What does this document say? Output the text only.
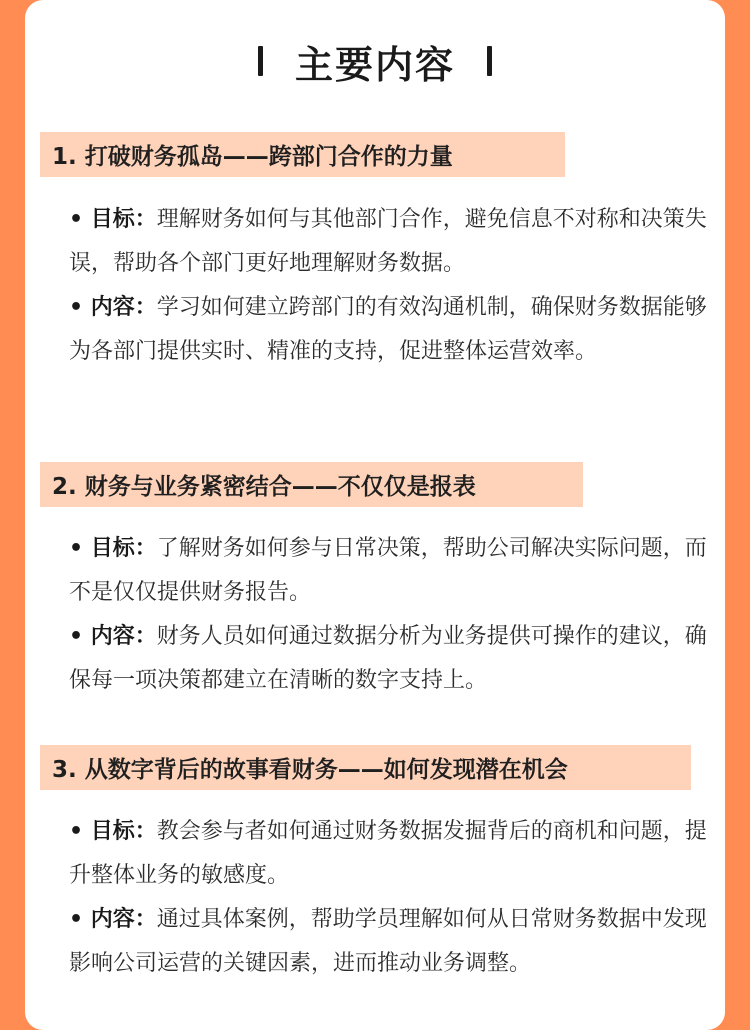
主要内容
1. 打破财务孤岛——跨部门合作的力量
• 目标：理解财务如何与其他部门合作，避免信息不对称和决策失误，帮助各个部门更好地理解财务数据。
• 内容：学习如何建立跨部门的有效沟通机制，确保财务数据能够为各部门提供实时、精准的支持，促进整体运营效率。
2. 财务与业务紧密结合——不仅仅是报表
• 目标：了解财务如何参与日常决策，帮助公司解决实际问题，而不是仅仅提供财务报告。
• 内容：财务人员如何通过数据分析为业务提供可操作的建议，确保每一项决策都建立在清晰的数字支持上。
3. 从数字背后的故事看财务——如何发现潜在机会
• 目标：教会参与者如何通过财务数据发掘背后的商机和问题，提升整体业务的敏感度。
• 内容：通过具体案例，帮助学员理解如何从日常财务数据中发现影响公司运营的关键因素，进而推动业务调整。
